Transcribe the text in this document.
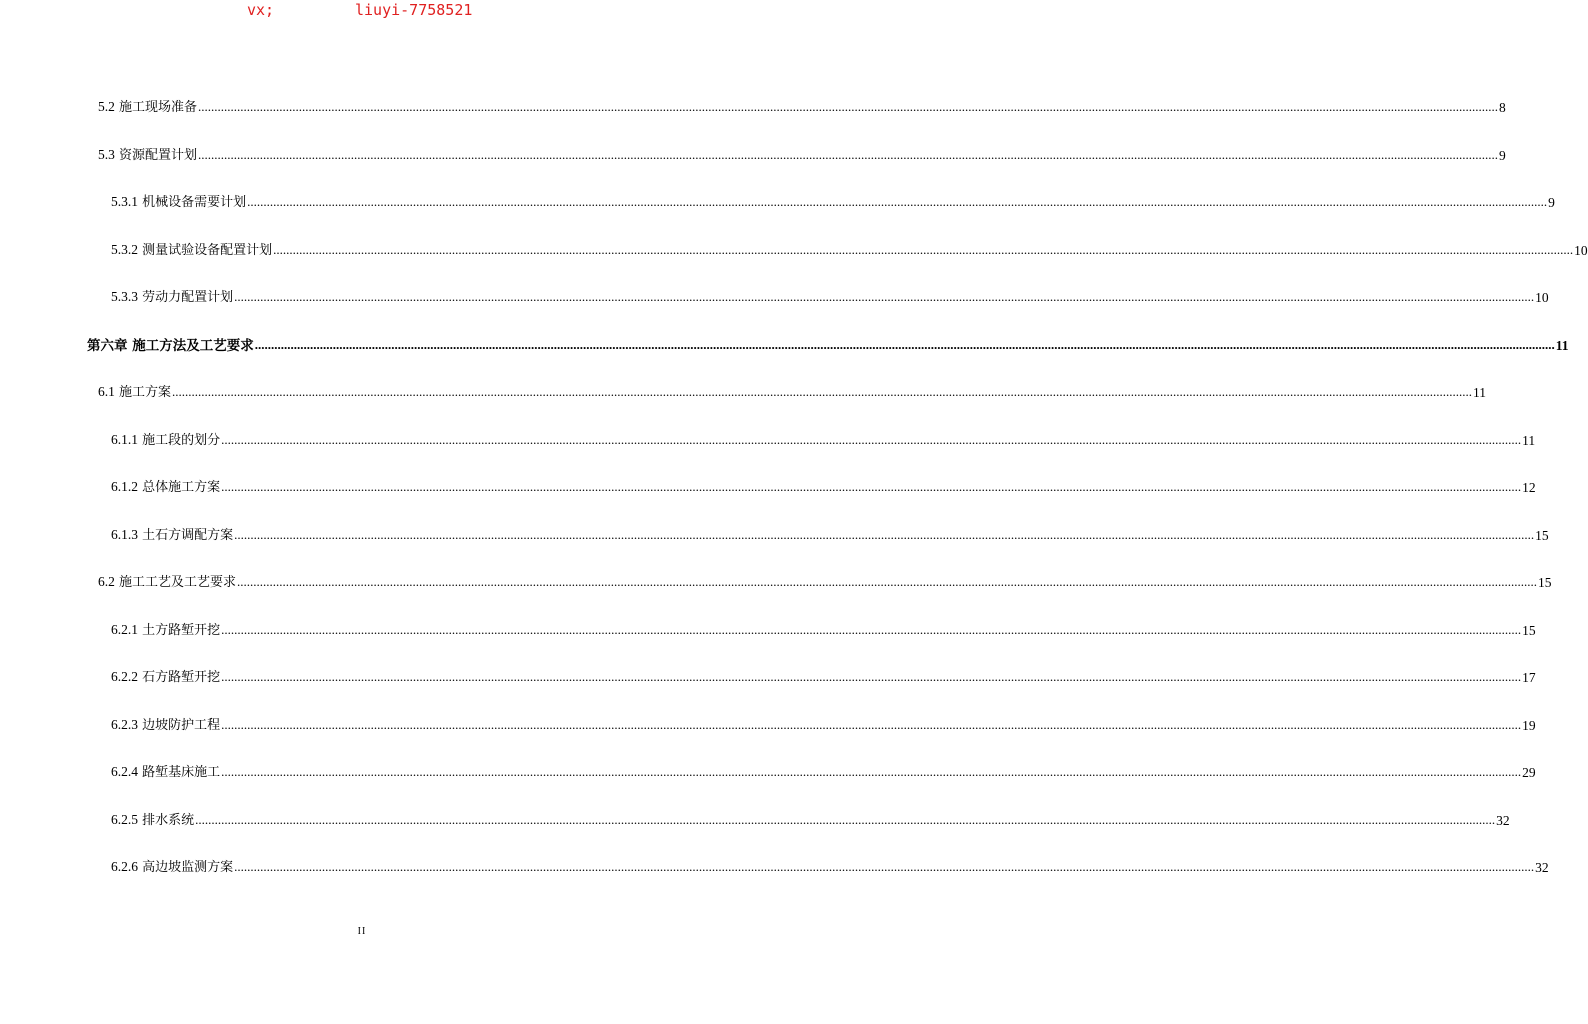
vx;

	liuyi-7758521

5.2 施工现场准备 ................................................................................................................................................................................................................................................................................................................................................................................................................ 8
5.3 资源配置计划 ................................................................................................................................................................................................................................................................................................................................................................................................................ 9
5.3.1 机械设备需要计划 ................................................................................................................................................................................................................................................................................................................................................................................................................ 9
5.3.2 测量试验设备配置计划 ................................................................................................................................................................................................................................................................................................................................................................................................................ 10
5.3.3 劳动力配置计划 ................................................................................................................................................................................................................................................................................................................................................................................................................ 10
第六章 施工方法及工艺要求 ................................................................................................................................................................................................................................................................................................................................................................................................................ 11
6.1 施工方案 ................................................................................................................................................................................................................................................................................................................................................................................................................ 11
6.1.1 施工段的划分 ................................................................................................................................................................................................................................................................................................................................................................................................................ 11
6.1.2 总体施工方案 ................................................................................................................................................................................................................................................................................................................................................................................................................ 12
6.1.3 土石方调配方案 ................................................................................................................................................................................................................................................................................................................................................................................................................ 15
6.2 施工工艺及工艺要求 ................................................................................................................................................................................................................................................................................................................................................................................................................ 15
6.2.1 土方路堑开挖 ................................................................................................................................................................................................................................................................................................................................................................................................................ 15
6.2.2 石方路堑开挖 ................................................................................................................................................................................................................................................................................................................................................................................................................ 17
6.2.3 边坡防护工程 ................................................................................................................................................................................................................................................................................................................................................................................................................ 19
6.2.4 路堑基床施工 ................................................................................................................................................................................................................................................................................................................................................................................................................ 29
6.2.5 排水系统 ................................................................................................................................................................................................................................................................................................................................................................................................................ 32
6.2.6 高边坡监测方案 ................................................................................................................................................................................................................................................................................................................................................................................................................ 32
II
